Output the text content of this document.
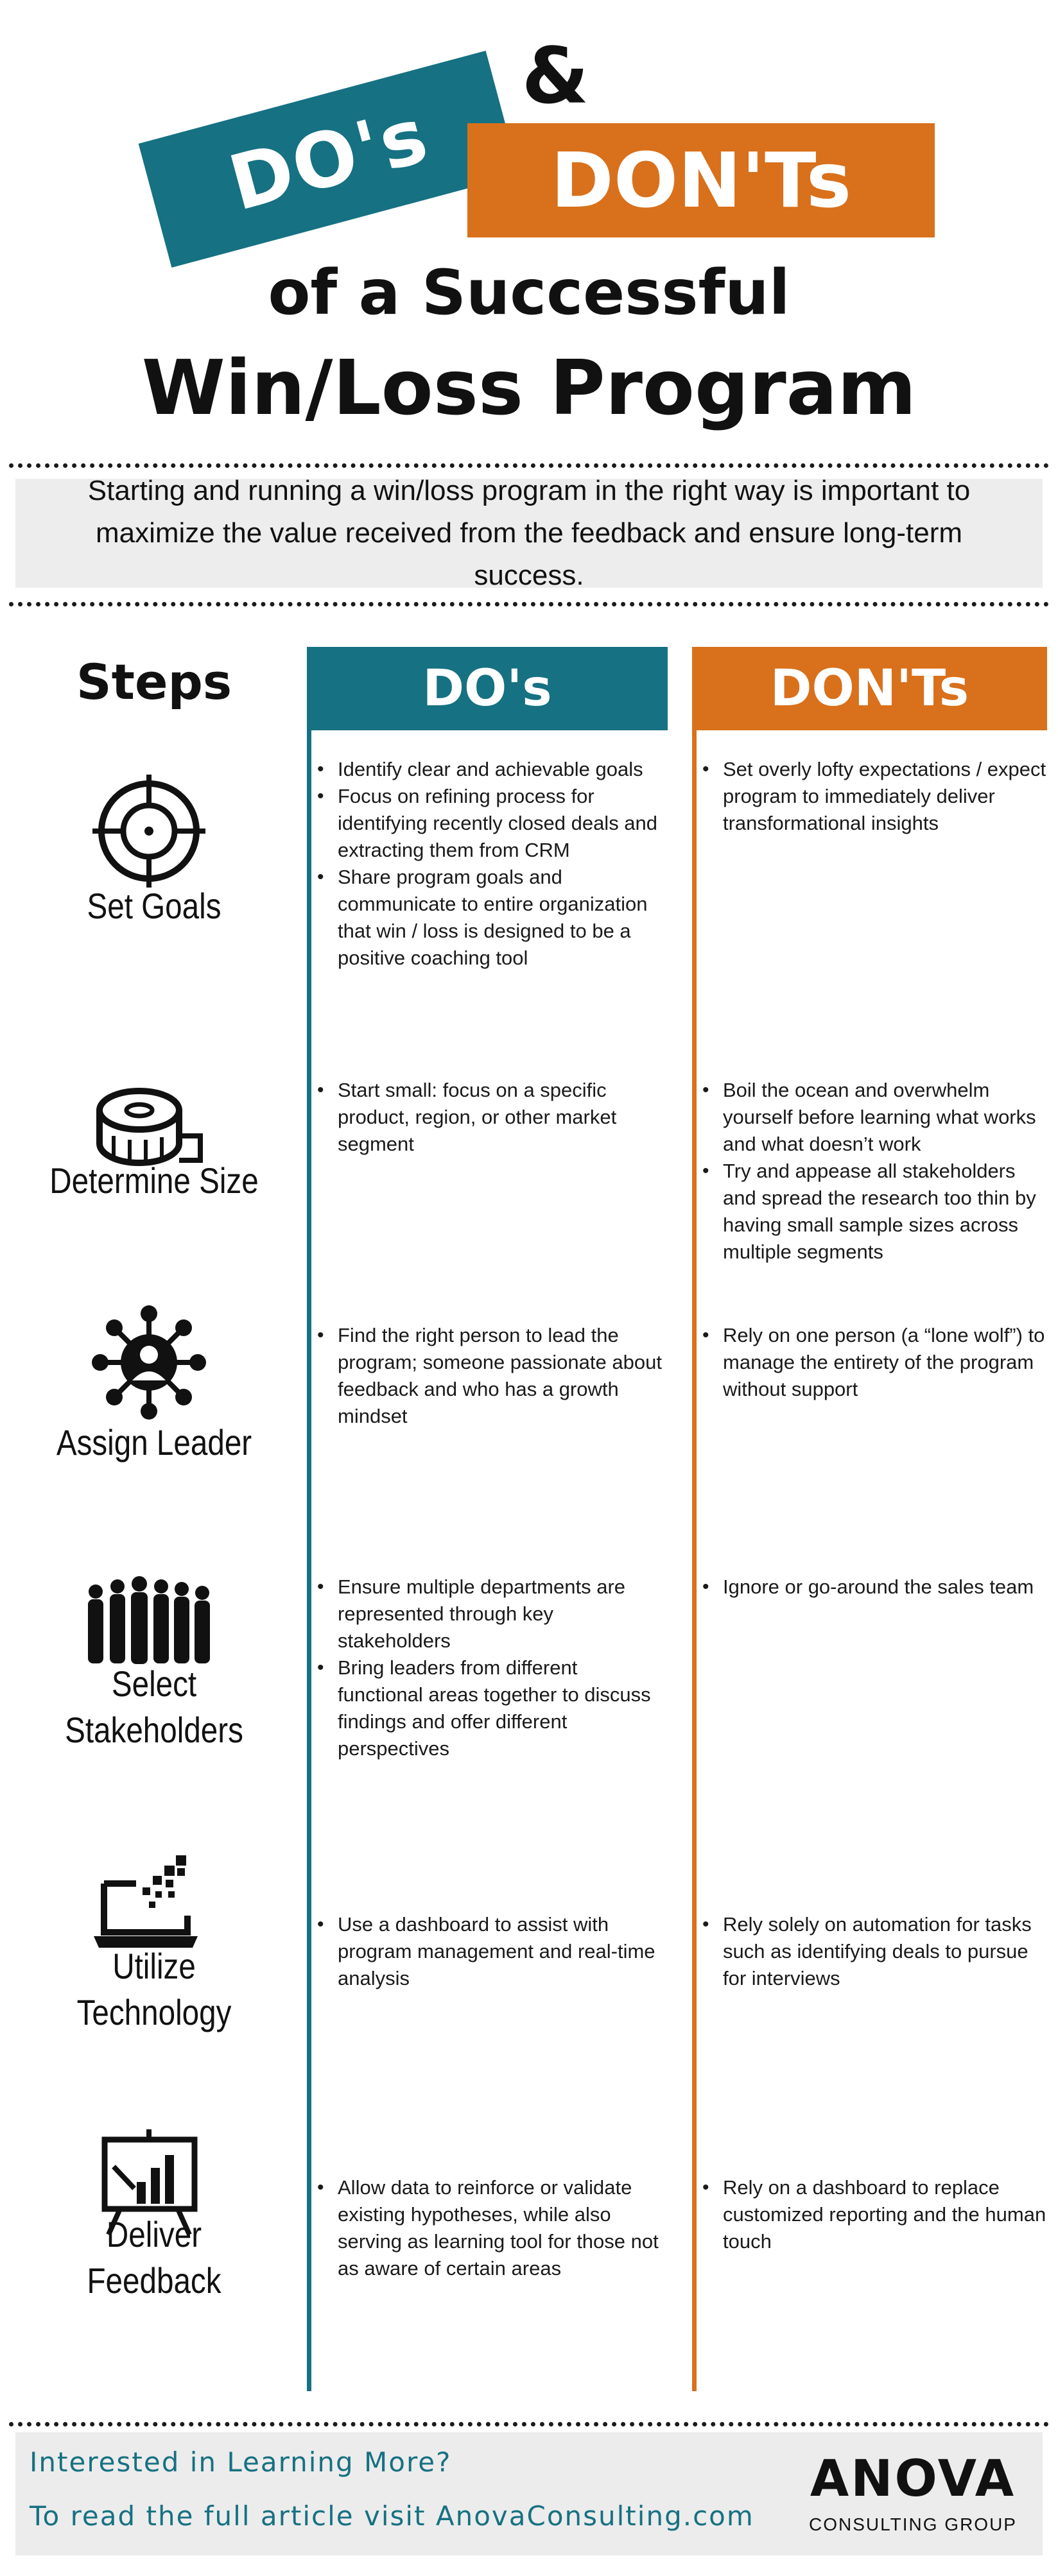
DO's
&
DON'Ts
of a Successful
Win/Loss Program
Starting and running a win/loss program in the right way is important to maximize the value received from the feedback and ensure long-term success.
Steps	DO's	DON'Ts
Set Goals
• Identify clear and achievable goals
• Focus on refining process for identifying recently closed deals and extracting them from CRM
• Share program goals and communicate to entire organization that win / loss is designed to be a positive coaching tool
• Set overly lofty expectations / expect program to immediately deliver transformational insights
Determine Size
• Start small: focus on a specific product, region, or other market segment
• Boil the ocean and overwhelm yourself before learning what works and what doesn’t work
• Try and appease all stakeholders and spread the research too thin by having small sample sizes across multiple segments
Assign Leader
• Find the right person to lead the program; someone passionate about feedback and who has a growth mindset
• Rely on one person (a “lone wolf”) to manage the entirety of the program without support
Select Stakeholders
• Ensure multiple departments are represented through key stakeholders
• Bring leaders from different functional areas together to discuss findings and offer different perspectives
• Ignore or go-around the sales team
Utilize Technology
• Use a dashboard to assist with program management and real-time analysis
• Rely solely on automation for tasks such as identifying deals to pursue for interviews
Deliver Feedback
• Allow data to reinforce or validate existing hypotheses, while also serving as learning tool for those not as aware of certain areas
• Rely on a dashboard to replace customized reporting and the human touch
Interested in Learning More?
To read the full article visit AnovaConsulting.com
ANOVA
CONSULTING GROUP
